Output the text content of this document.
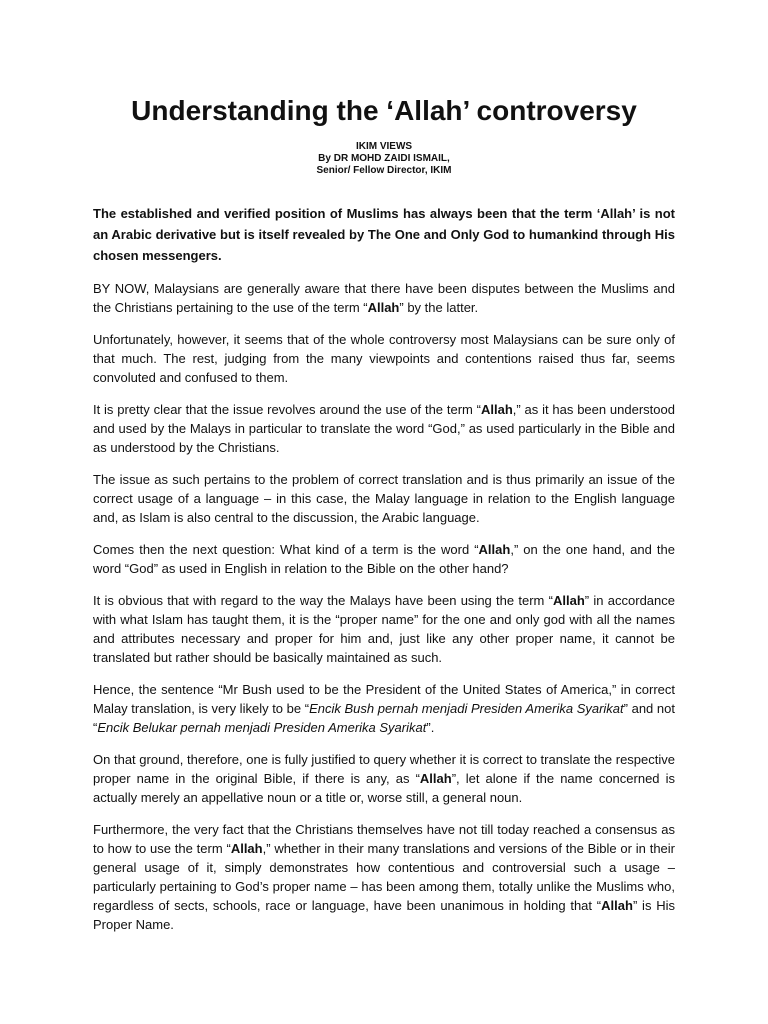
Understanding the ‘Allah’ controversy
IKIM VIEWS
By DR MOHD ZAIDI ISMAIL,
Senior/ Fellow Director, IKIM

The established and verified position of Muslims has always been that the term ‘Allah’ is not an Arabic derivative but is itself revealed by The One and Only God to humankind through His chosen messengers.

BY NOW, Malaysians are generally aware that there have been disputes between the Muslims and the Christians pertaining to the use of the term “Allah” by the latter.

Unfortunately, however, it seems that of the whole controversy most Malaysians can be sure only of that much. The rest, judging from the many viewpoints and contentions raised thus far, seems convoluted and confused to them.

It is pretty clear that the issue revolves around the use of the term “Allah,” as it has been understood and used by the Malays in particular to translate the word “God,” as used particularly in the Bible and as understood by the Christians.

The issue as such pertains to the problem of correct translation and is thus primarily an issue of the correct usage of a language – in this case, the Malay language in relation to the English language and, as Islam is also central to the discussion, the Arabic language.

Comes then the next question: What kind of a term is the word “Allah,” on the one hand, and the word “God” as used in English in relation to the Bible on the other hand?

It is obvious that with regard to the way the Malays have been using the term “Allah” in accordance with what Islam has taught them, it is the “proper name” for the one and only god with all the names and attributes necessary and proper for him and, just like any other proper name, it cannot be translated but rather should be basically maintained as such.

Hence, the sentence “Mr Bush used to be the President of the United States of America,” in correct Malay translation, is very likely to be “Encik Bush pernah menjadi Presiden Amerika Syarikat” and not “Encik Belukar pernah menjadi Presiden Amerika Syarikat”.

On that ground, therefore, one is fully justified to query whether it is correct to translate the respective proper name in the original Bible, if there is any, as “Allah”, let alone if the name concerned is actually merely an appellative noun or a title or, worse still, a general noun.

Furthermore, the very fact that the Christians themselves have not till today reached a consensus as to how to use the term “Allah,” whether in their many translations and versions of the Bible or in their general usage of it, simply demonstrates how contentious and controversial such a usage – particularly pertaining to God’s proper name – has been among them, totally unlike the Muslims who, regardless of sects, schools, race or language, have been unanimous in holding that “Allah” is His Proper Name.
